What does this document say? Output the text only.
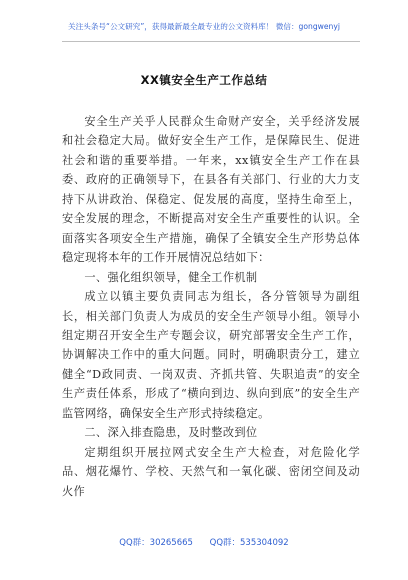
关注头条号“公文研究”，获得最新最全最专业的公文资料库！ 微信：gongwenyj
XX镇安全生产工作总结

安全生产关乎人民群众生命财产安全，关乎经济发展和社会稳定大局。做好安全生产工作，是保障民生、促进社会和谐的重要举措。一年来，xx镇安全生产工作在县委、政府的正确领导下，在县各有关部门、行业的大力支持下从讲政治、保稳定、促发展的高度，坚持生命至上，安全发展的理念，不断提高对安全生产重要性的认识。全面落实各项安全生产措施，确保了全镇安全生产形势总体稳定现将本年的工作开展情况总结如下：

一、强化组织领导，健全工作机制

成立以镇主要负责同志为组长，各分管领导为副组长，相关部门负责人为成员的安全生产领导小组。领导小组定期召开安全生产专题会议，研究部署安全生产工作，协调解决工作中的重大问题。同时，明确职责分工，建立健全“D政同责、一岗双责、齐抓共管、失职追责”的安全生产责任体系，形成了“横向到边、纵向到底”的安全生产监管网络，确保安全生产形式持续稳定。

二、深入排查隐患，及时整改到位

定期组织开展拉网式安全生产大检查，对危险化学品、烟花爆竹、学校、天然气和一氧化碳、密闭空间及动火作

QQ群：30265665 QQ群：535304092
